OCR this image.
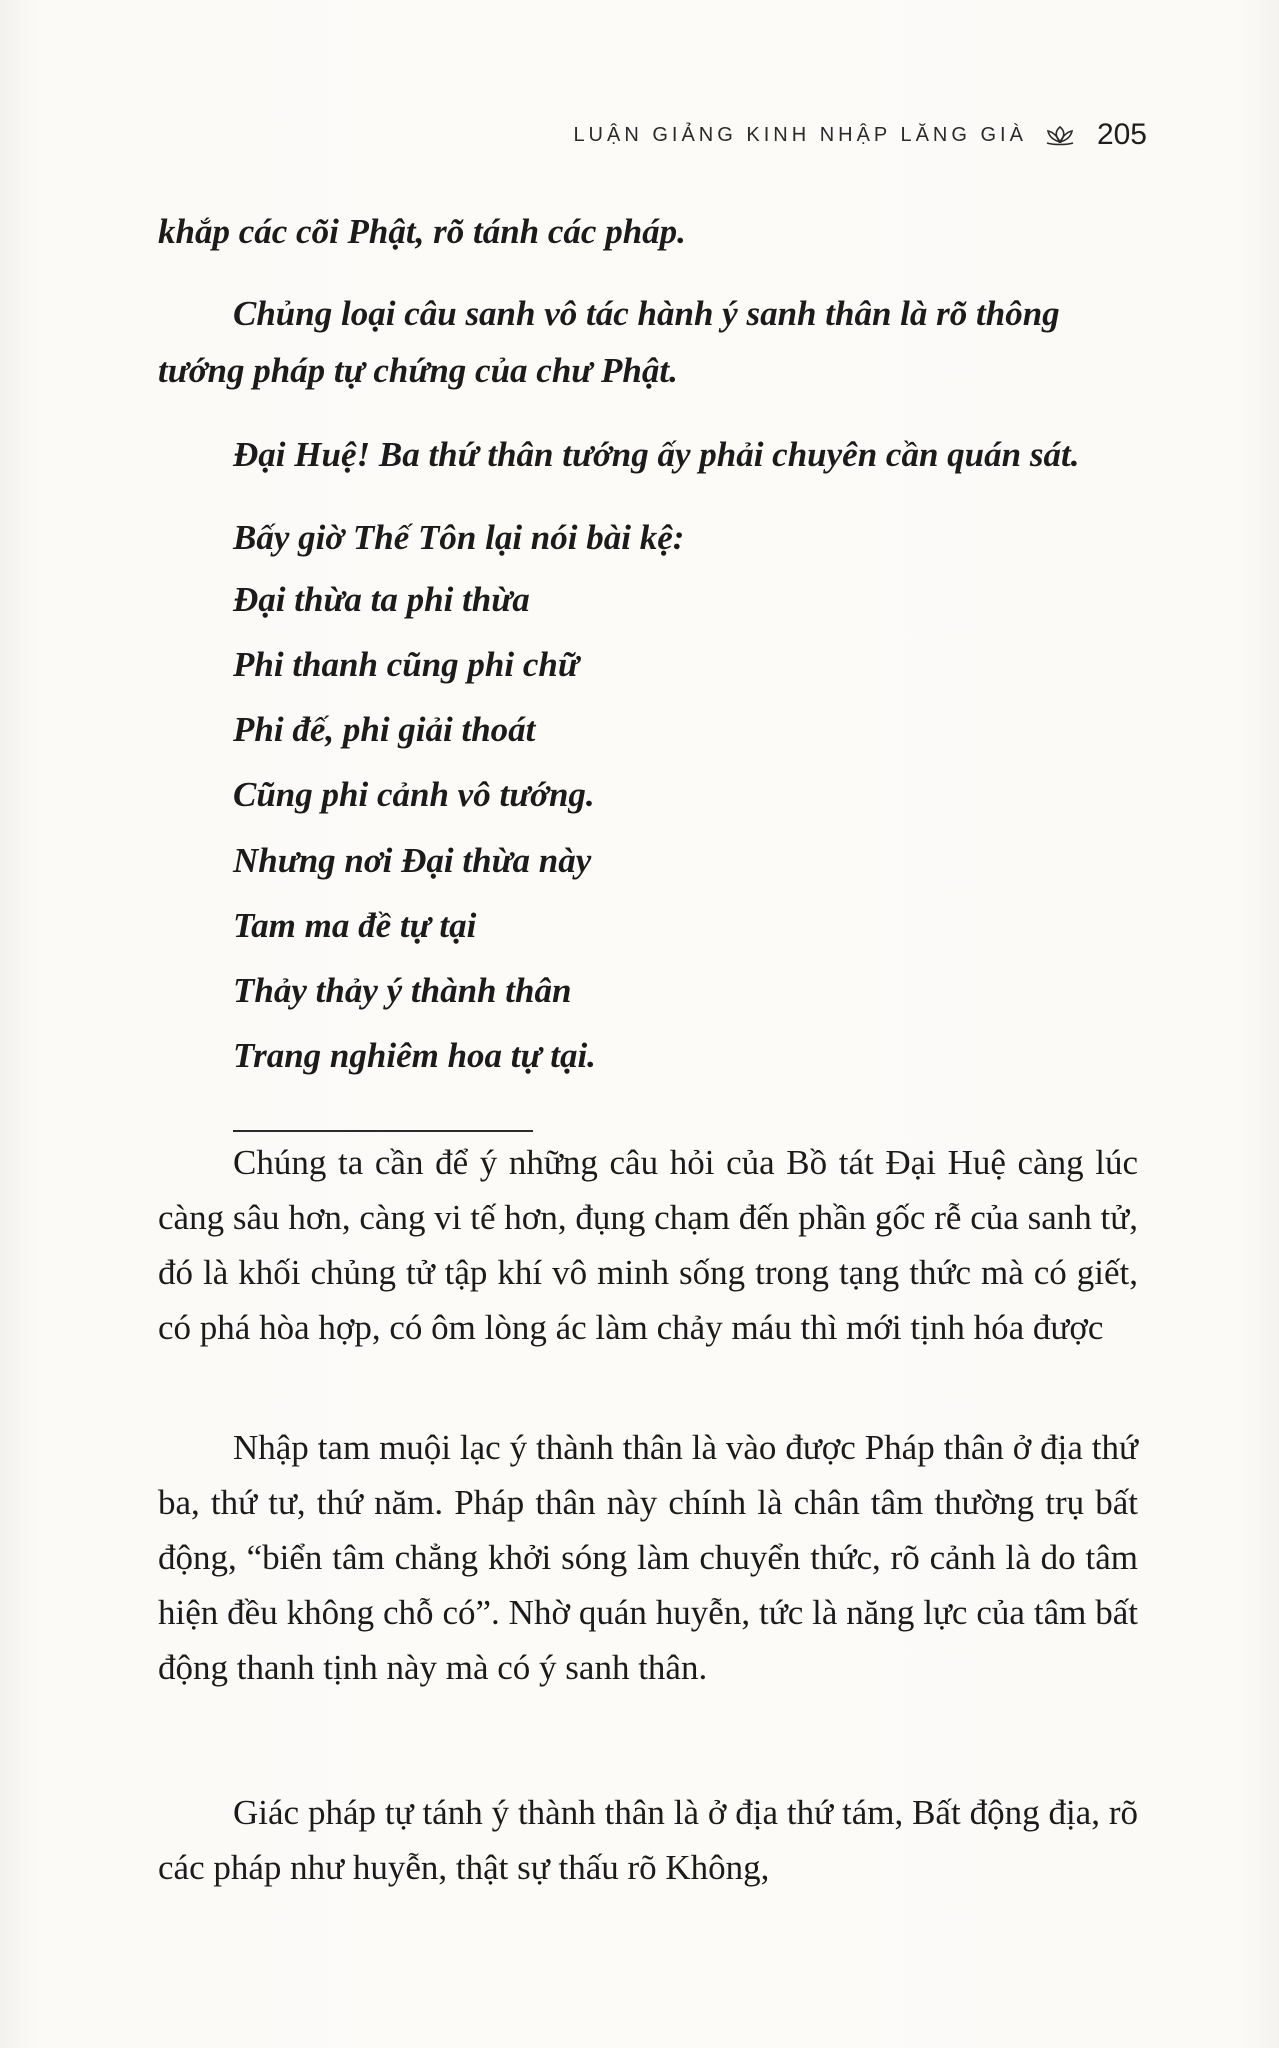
LUẬN GIẢNG KINH NHẬP LĂNG GIÀ 205
khắp các cõi Phật, rõ tánh các pháp.
Chủng loại câu sanh vô tác hành ý sanh thân là rõ thông
tướng pháp tự chứng của chư Phật.
Đại Huệ! Ba thứ thân tướng ấy phải chuyên cần quán sát.
Bấy giờ Thế Tôn lại nói bài kệ:
Đại thừa ta phi thừa
Phi thanh cũng phi chữ
Phi đế, phi giải thoát
Cũng phi cảnh vô tướng.
Nhưng nơi Đại thừa này
Tam ma đề tự tại
Thảy thảy ý thành thân
Trang nghiêm hoa tự tại.

Chúng ta cần để ý những câu hỏi của Bồ tát Đại Huệ càng lúc càng sâu hơn, càng vi tế hơn, đụng chạm đến phần gốc rễ của sanh tử, đó là khối chủng tử tập khí vô minh sống trong tạng thức mà có giết, có phá hòa hợp, có ôm lòng ác làm chảy máu thì mới tịnh hóa được

Nhập tam muội lạc ý thành thân là vào được Pháp thân ở địa thứ ba, thứ tư, thứ năm. Pháp thân này chính là chân tâm thường trụ bất động, “biển tâm chẳng khởi sóng làm chuyển thức, rõ cảnh là do tâm hiện đều không chỗ có”. Nhờ quán huyễn, tức là năng lực của tâm bất động thanh tịnh này mà có ý sanh thân.

Giác pháp tự tánh ý thành thân là ở địa thứ tám, Bất động địa, rõ các pháp như huyễn, thật sự thấu rõ Không,
